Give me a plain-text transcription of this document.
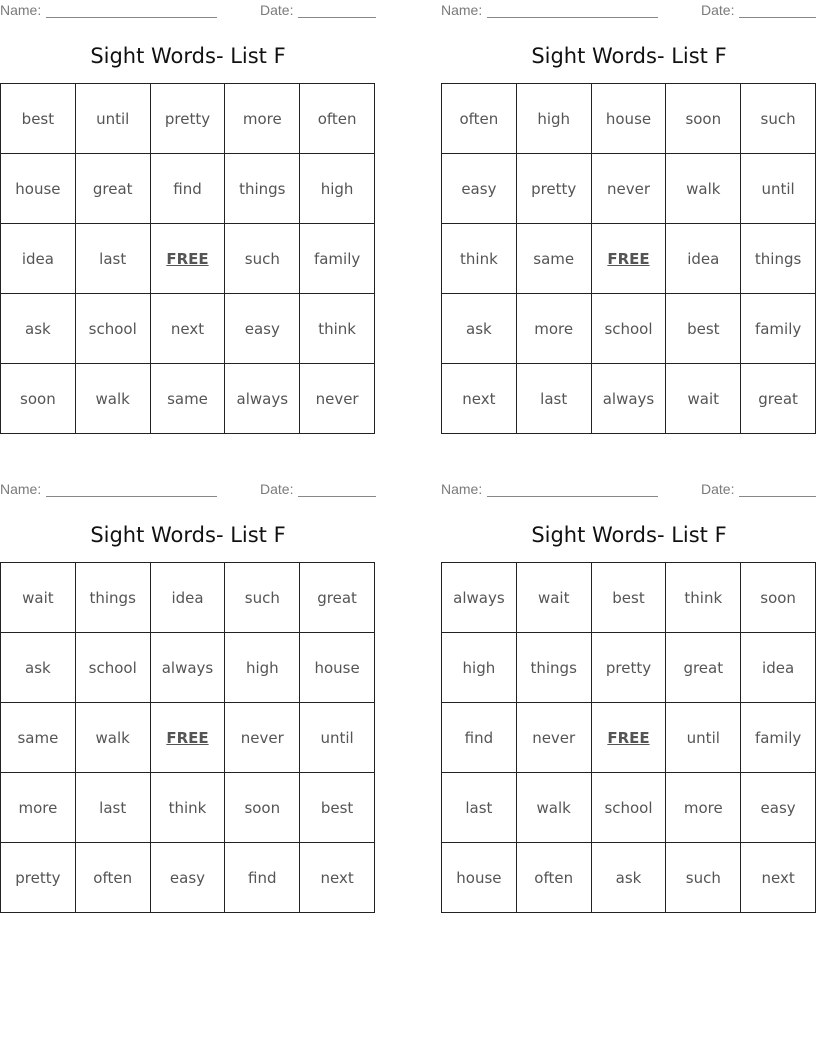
Name:	Date:
Sight Words- List F
best	until	pretty	more	often
house	great	find	things	high
idea	last	FREE	such	family
ask	school	next	easy	think
soon	walk	same	always	never
Name:	Date:
Sight Words- List F
often	high	house	soon	such
easy	pretty	never	walk	until
think	same	FREE	idea	things
ask	more	school	best	family
next	last	always	wait	great
Name:	Date:
Sight Words- List F
wait	things	idea	such	great
ask	school	always	high	house
same	walk	FREE	never	until
more	last	think	soon	best
pretty	often	easy	find	next
Name:	Date:
Sight Words- List F
always	wait	best	think	soon
high	things	pretty	great	idea
find	never	FREE	until	family
last	walk	school	more	easy
house	often	ask	such	next
